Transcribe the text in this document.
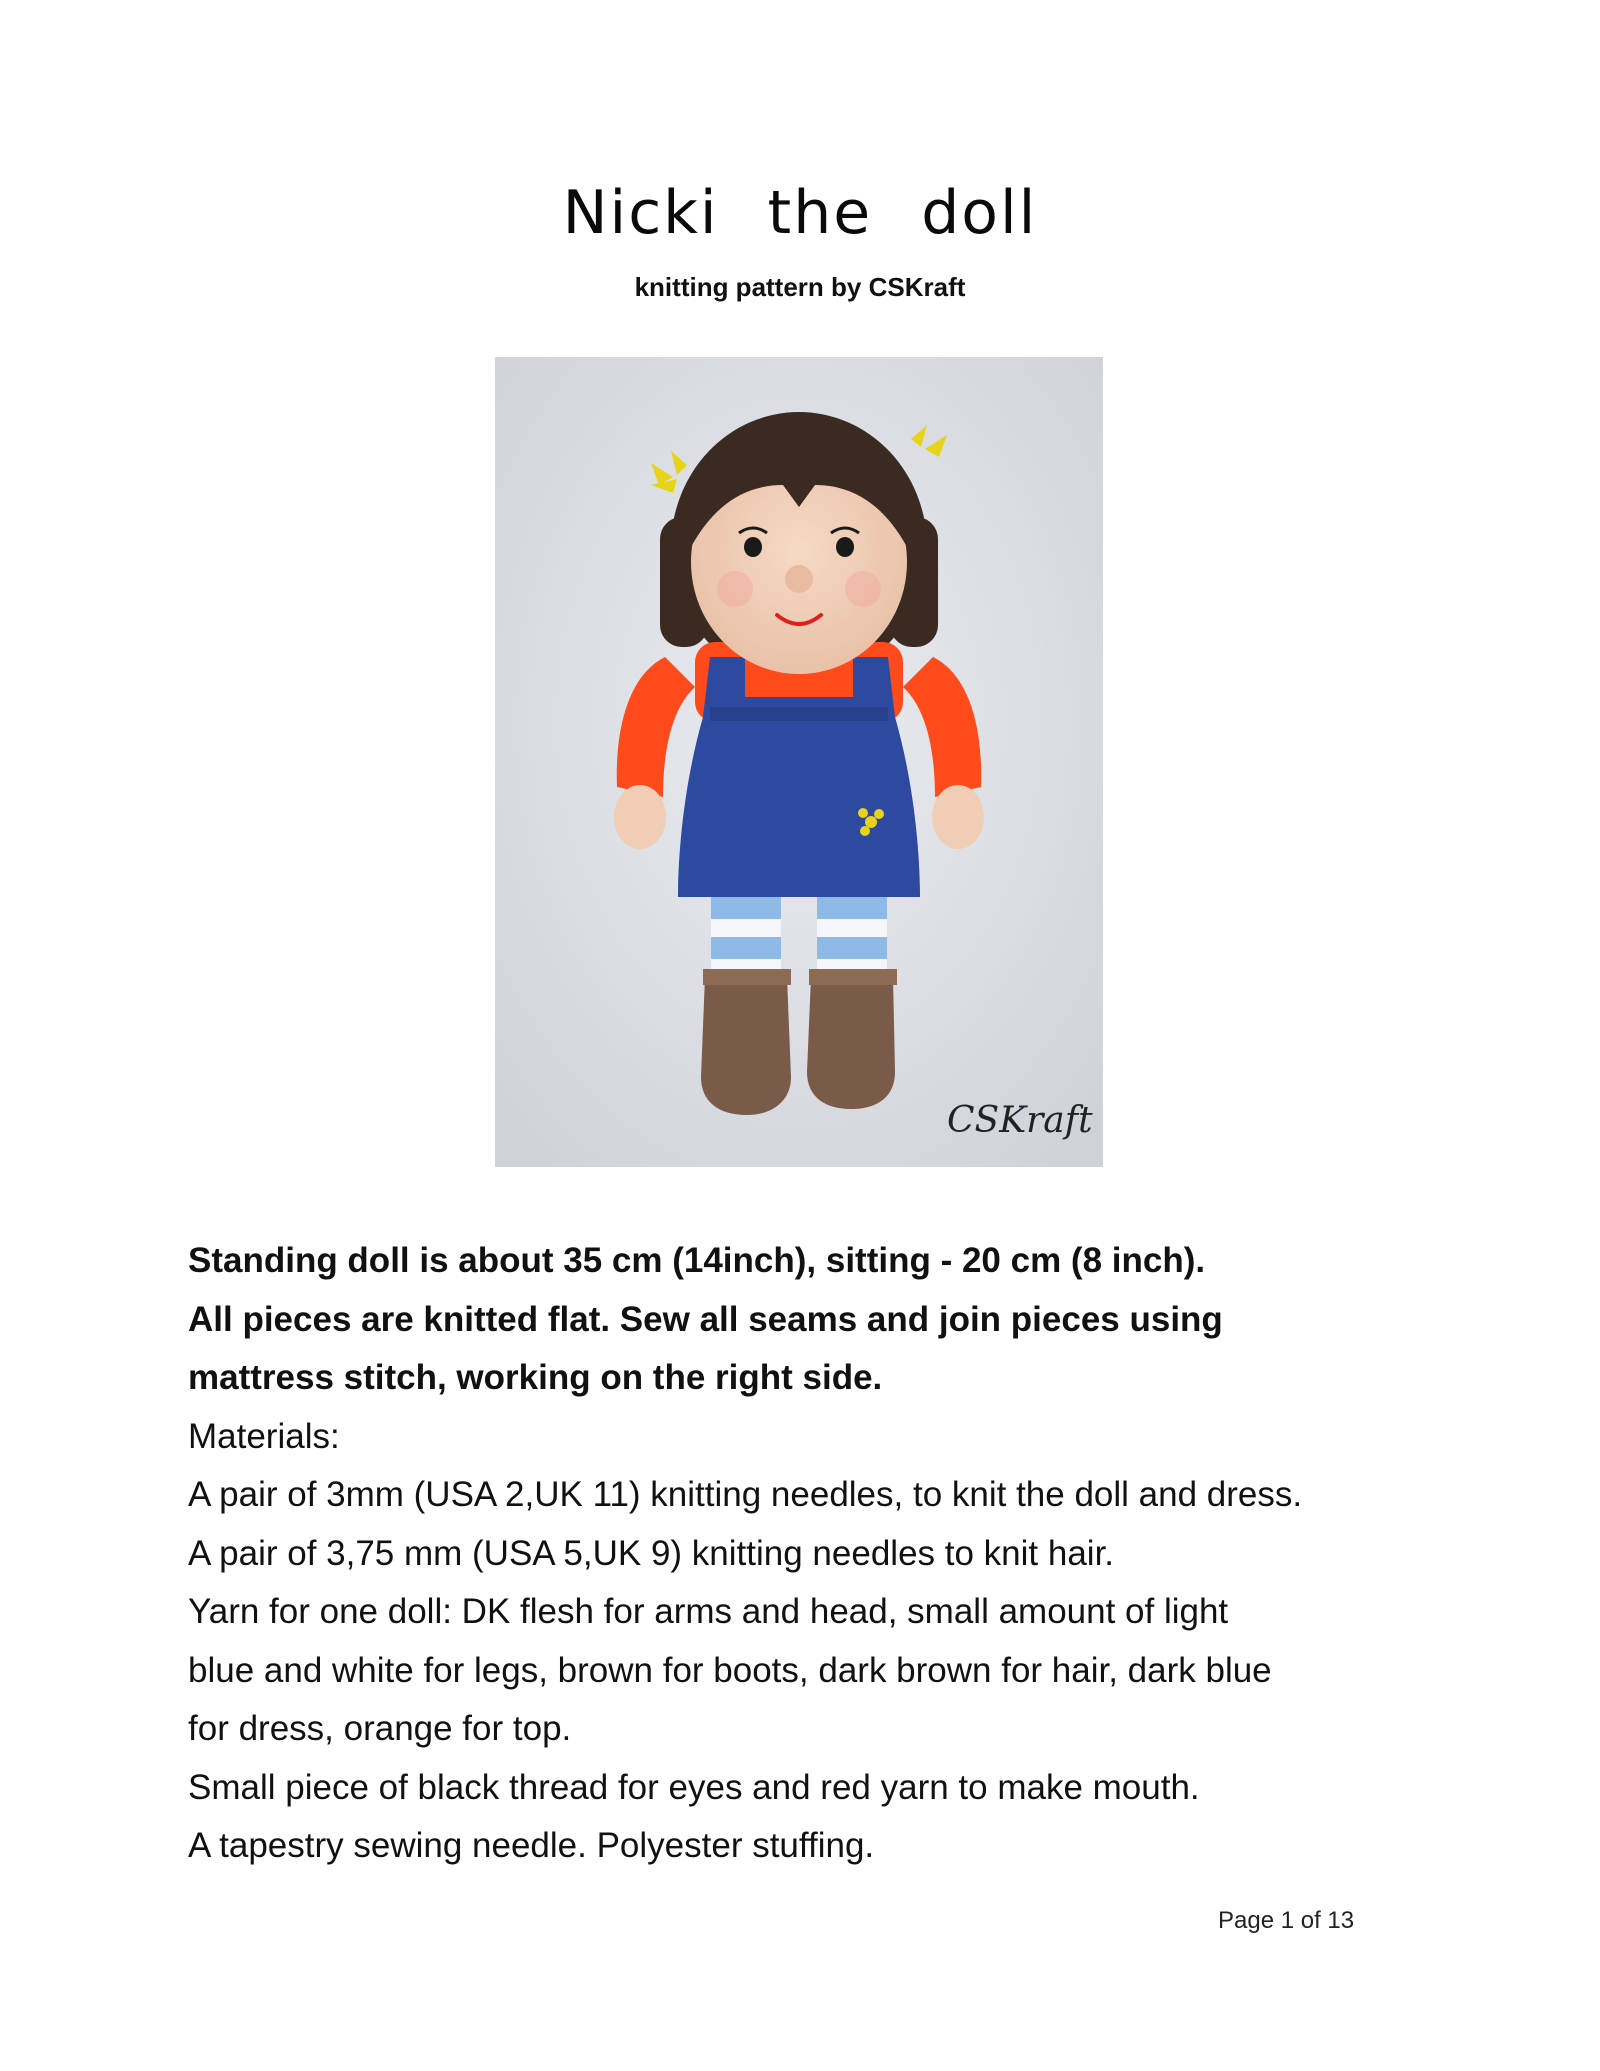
Nicki the doll
knitting pattern by CSKraft
CSKraft

Standing doll is about 35 cm (14inch), sitting - 20 cm (8 inch).

All pieces are knitted flat. Sew all seams and join pieces using

mattress stitch, working on the right side.

Materials:

A pair of 3mm (USA 2,UK 11) knitting needles, to knit the doll and dress.

A pair of 3,75 mm (USA 5,UK 9) knitting needles to knit hair.

Yarn for one doll: DK flesh for arms and head, small amount of light

blue and white for legs, brown for boots, dark brown for hair, dark blue

for dress, orange for top.

Small piece of black thread for eyes and red yarn to make mouth.

A tapestry sewing needle. Polyester stuffing.

Page 1 of 13
